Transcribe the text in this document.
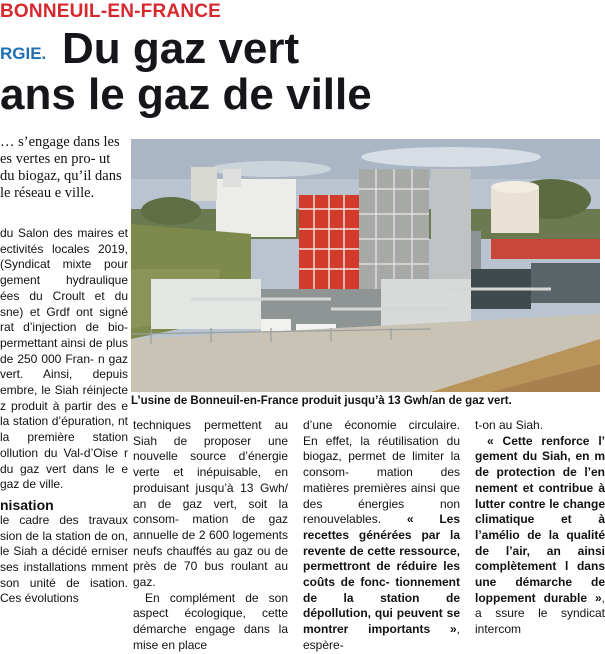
BONNEUIL-EN-FRANCE
RGIE. Du gaz vert
ans le gaz de ville
… s’engage dans les es vertes en pro- ut du biogaz, qu’il dans le réseau e ville.

du Salon des maires et ectivités locales 2019, (Syndicat mixte pour gement hydraulique ées du Croult et du sne) et Grdf ont signé rat d’injection de bio- permettant ainsi de plus de 250 000 Fran- n gaz vert. Ainsi, depuis embre, le Siah réinjecte z produit à partir des e la station d’épuration, nt la première station ollution du Val-d’Oise r du gaz vert dans le e gaz de ville.

nisation

le cadre des travaux sion de la station de on, le Siah a décidé erniser ses installations mment son unité de isation. Ces évolutions

L’usine de Bonneuil-en-France produit jusqu’à 13 Gwh/an de gaz vert.

techniques permettent au Siah de proposer une nouvelle source d’énergie verte et inépuisable, en produisant jusqu’à 13 Gwh/ an de gaz vert, soit la consom- mation de gaz annuelle de 2 600 logements neufs chauffés au gaz ou de près de 70 bus roulant au gaz.

En complément de son aspect écologique, cette démarche engage dans la mise en place

d’une économie circulaire. En effet, la réutilisation du biogaz, permet de limiter la consom- mation des matières premières ainsi que des énergies non renouvelables. « Les recettes générées par la revente de cette ressource, permettront de réduire les coûts de fonc- tionnement de la station de dépollution, qui peuvent se montrer importants », espère-

t-on au Siah.

« Cette renforce l’ gement du Siah, en m de protection de l’en nement et contribue à lutter contre le change climatique et à l’amélio de la qualité de l’air, an ainsi complètement l dans une démarche de loppement durable », a ssure le syndicat intercom
